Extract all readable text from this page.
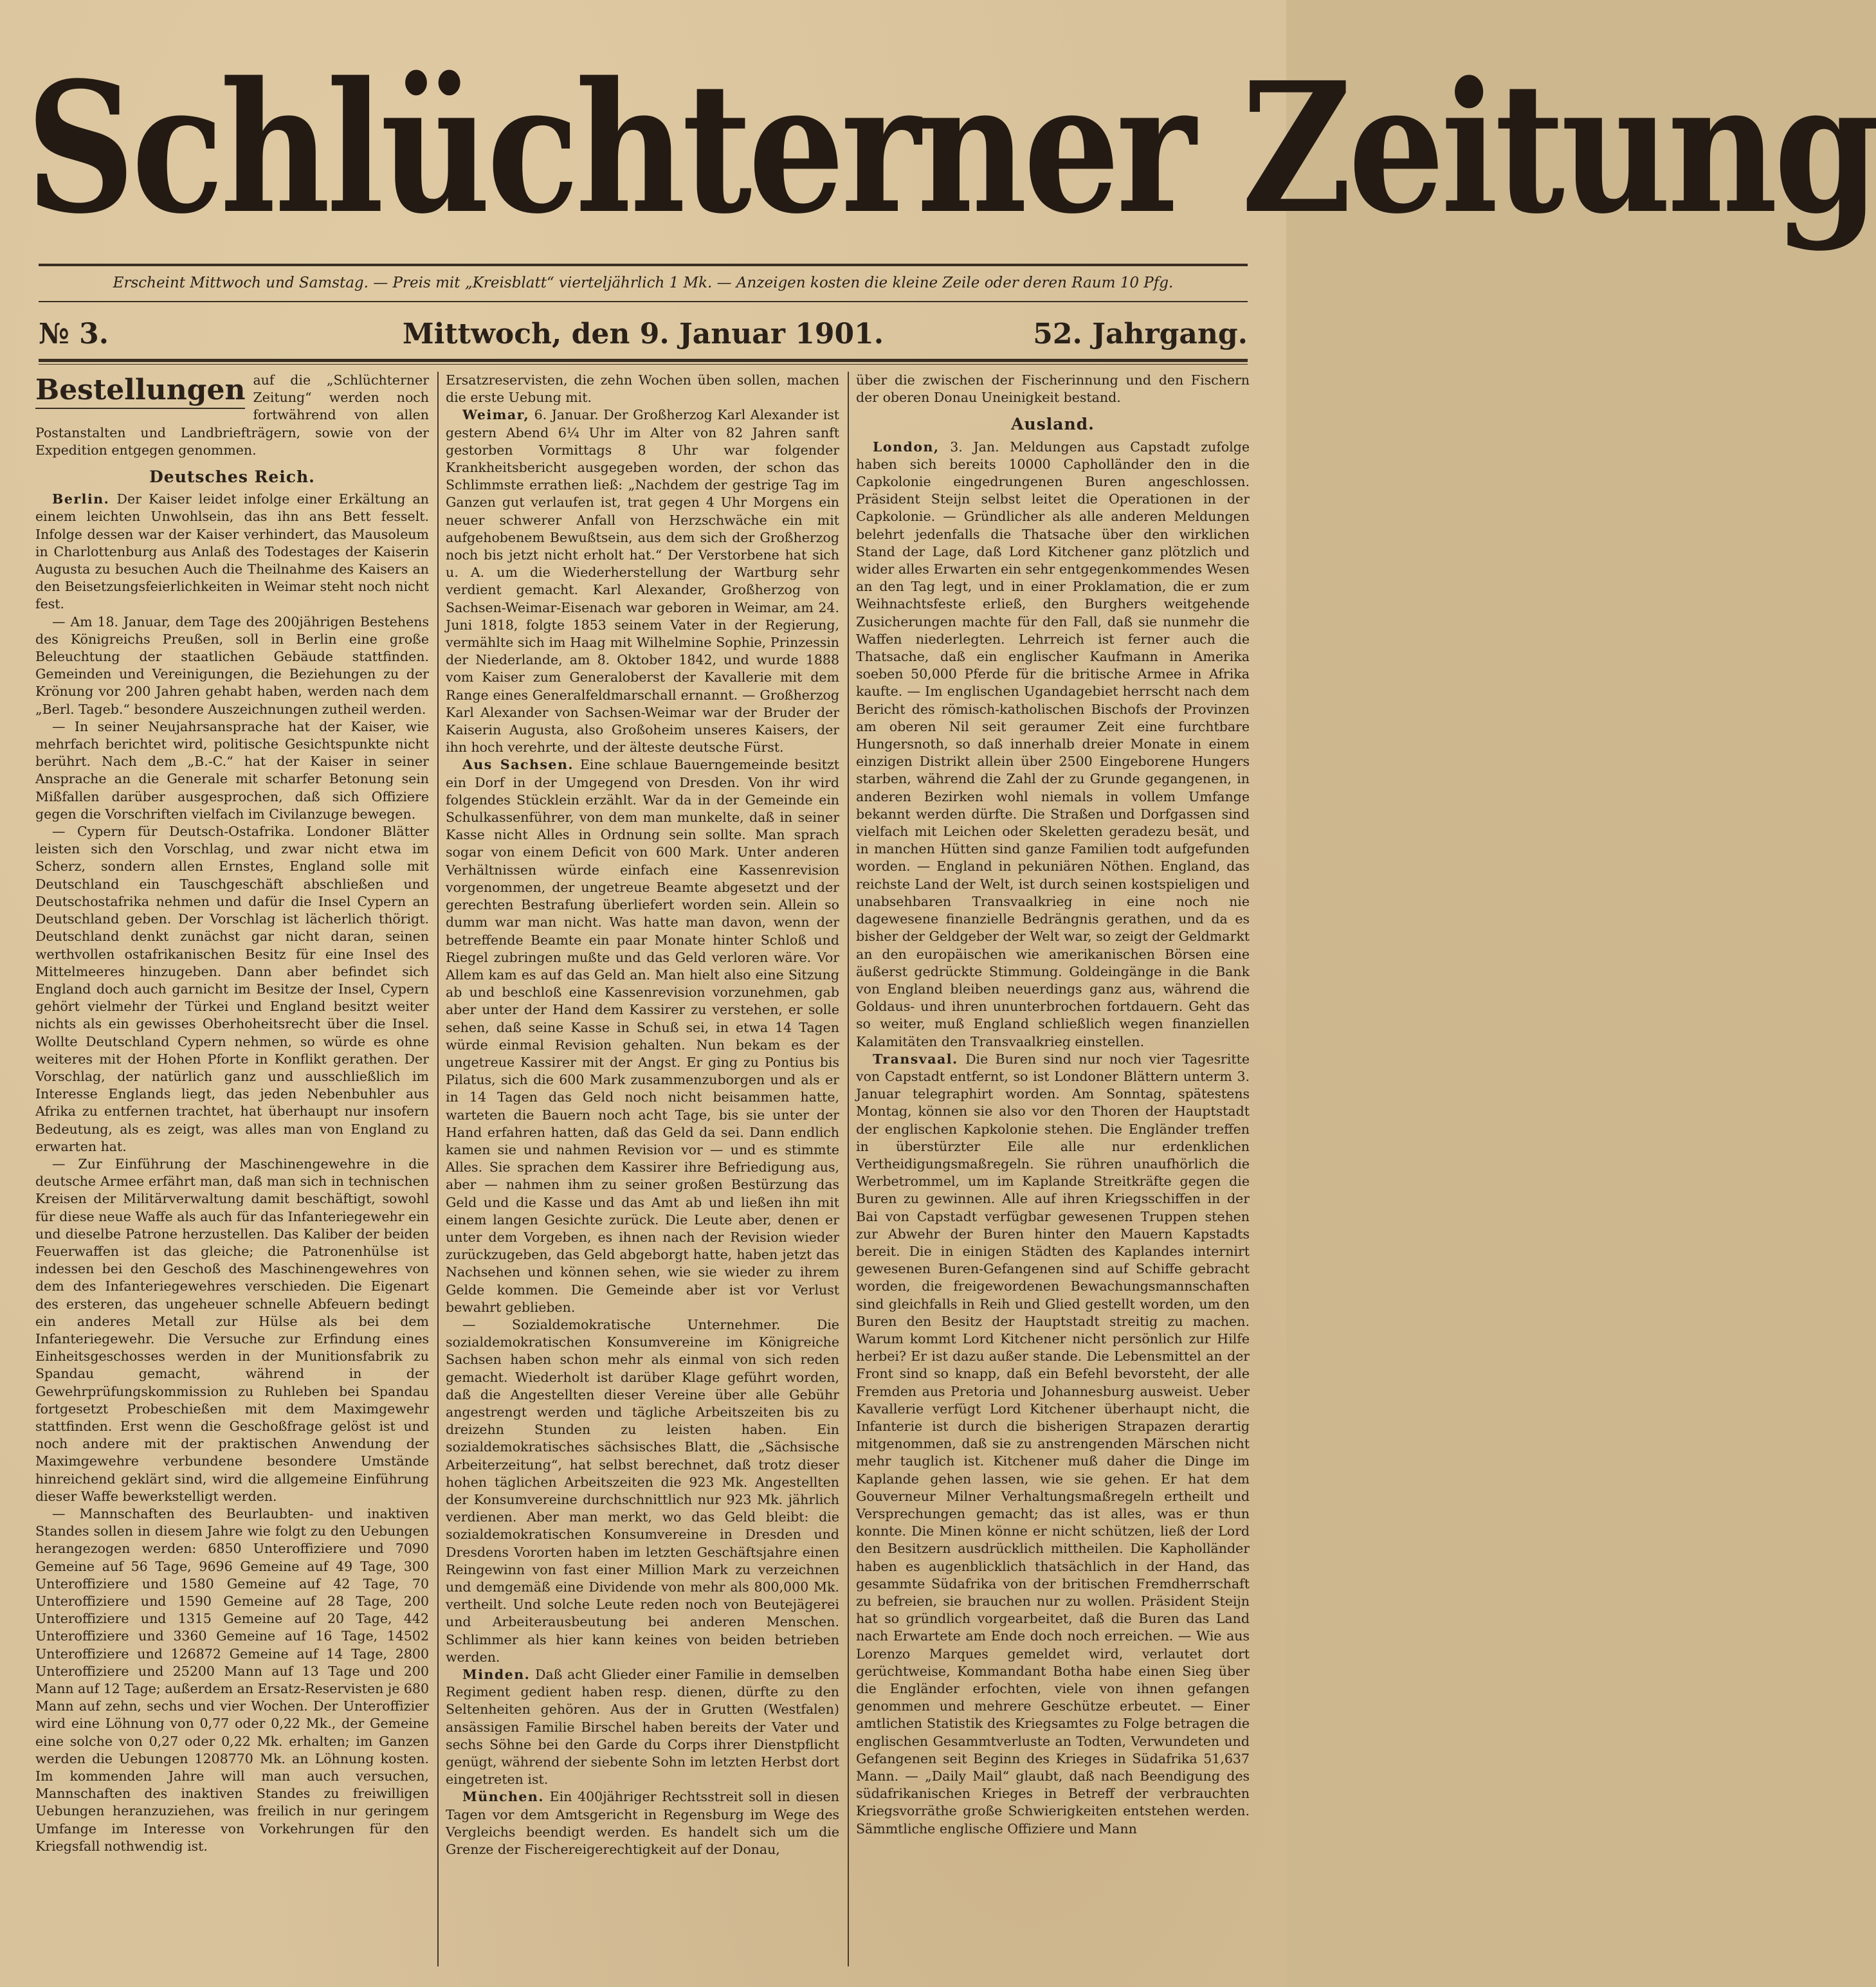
Schlüchterner Zeitung
Erscheint Mittwoch und Samstag. — Preis mit „Kreisblatt“ vierteljährlich 1 Mk. — Anzeigen kosten die kleine Zeile oder deren Raum 10 Pfg.
№ 3.	Mittwoch, den 9. Januar 1901.	52. Jahrgang.

Bestellungen auf die „Schlüchterner Zeitung“ werden noch fortwährend von allen Postanstalten und Landbriefträgern, sowie von der Expedition entgegen genommen.

Deutsches Reich.

Berlin. Der Kaiser leidet infolge einer Erkältung an einem leichten Unwohlsein, das ihn ans Bett fesselt. Infolge dessen war der Kaiser verhindert, das Mausoleum in Charlottenburg aus Anlaß des Todestages der Kaiserin Augusta zu besuchen Auch die Theilnahme des Kaisers an den Beisetzungsfeierlichkeiten in Weimar steht noch nicht fest.

— Am 18. Januar, dem Tage des 200jährigen Bestehens des Königreichs Preußen, soll in Berlin eine große Beleuchtung der staatlichen Gebäude stattfinden. Gemeinden und Vereinigungen, die Beziehungen zu der Krönung vor 200 Jahren gehabt haben, werden nach dem „Berl. Tageb.“ besondere Auszeichnungen zutheil werden.

— In seiner Neujahrsansprache hat der Kaiser, wie mehrfach berichtet wird, politische Gesichtspunkte nicht berührt. Nach dem „B.-C.“ hat der Kaiser in seiner Ansprache an die Generale mit scharfer Betonung sein Mißfallen darüber ausgesprochen, daß sich Offiziere gegen die Vorschriften vielfach im Civilanzuge bewegen.

— Cypern für Deutsch-Ostafrika. Londoner Blätter leisten sich den Vorschlag, und zwar nicht etwa im Scherz, sondern allen Ernstes, England solle mit Deutschland ein Tauschgeschäft abschließen und Deutschostafrika nehmen und dafür die Insel Cypern an Deutschland geben. Der Vorschlag ist lächerlich thörigt. Deutschland denkt zunächst gar nicht daran, seinen werthvollen ostafrikanischen Besitz für eine Insel des Mittelmeeres hinzugeben. Dann aber befindet sich England doch auch garnicht im Besitze der Insel, Cypern gehört vielmehr der Türkei und England besitzt weiter nichts als ein gewisses Oberhoheitsrecht über die Insel. Wollte Deutschland Cypern nehmen, so würde es ohne weiteres mit der Hohen Pforte in Konflikt gerathen. Der Vorschlag, der natürlich ganz und ausschließlich im Interesse Englands liegt, das jeden Nebenbuhler aus Afrika zu entfernen trachtet, hat überhaupt nur insofern Bedeutung, als es zeigt, was alles man von England zu erwarten hat.

— Zur Einführung der Maschinengewehre in die deutsche Armee erfährt man, daß man sich in technischen Kreisen der Militärverwaltung damit beschäftigt, sowohl für diese neue Waffe als auch für das Infanteriegewehr ein und dieselbe Patrone herzustellen. Das Kaliber der beiden Feuerwaffen ist das gleiche; die Patronenhülse ist indessen bei den Geschoß des Maschinengewehres von dem des Infanteriegewehres verschieden. Die Eigenart des ersteren, das ungeheuer schnelle Abfeuern bedingt ein anderes Metall zur Hülse als bei dem Infanteriegewehr. Die Versuche zur Erfindung eines Einheitsgeschosses werden in der Munitionsfabrik zu Spandau gemacht, während in der Gewehrprüfungskommission zu Ruhleben bei Spandau fortgesetzt Probeschießen mit dem Maximgewehr stattfinden. Erst wenn die Geschoßfrage gelöst ist und noch andere mit der praktischen Anwendung der Maximgewehre verbundene besondere Umstände hinreichend geklärt sind, wird die allgemeine Einführung dieser Waffe bewerkstelligt werden.

— Mannschaften des Beurlaubten- und inaktiven Standes sollen in diesem Jahre wie folgt zu den Uebungen herangezogen werden: 6850 Unteroffiziere und 7090 Gemeine auf 56 Tage, 9696 Gemeine auf 49 Tage, 300 Unteroffiziere und 1580 Gemeine auf 42 Tage, 70 Unteroffiziere und 1590 Gemeine auf 28 Tage, 200 Unteroffiziere und 1315 Gemeine auf 20 Tage, 442 Unteroffiziere und 3360 Gemeine auf 16 Tage, 14502 Unteroffiziere und 126872 Gemeine auf 14 Tage, 2800 Unteroffiziere und 25200 Mann auf 13 Tage und 200 Mann auf 12 Tage; außerdem an Ersatz-Reservisten je 680 Mann auf zehn, sechs und vier Wochen. Der Unteroffizier wird eine Löhnung von 0,77 oder 0,22 Mk., der Gemeine eine solche von 0,27 oder 0,22 Mk. erhalten; im Ganzen werden die Uebungen 1208770 Mk. an Löhnung kosten. Im kommenden Jahre will man auch versuchen, Mannschaften des inaktiven Standes zu freiwilligen Uebungen heranzuziehen, was freilich in nur geringem Umfange im Interesse von Vorkehrungen für den Kriegsfall nothwendig ist.

Ersatzreservisten, die zehn Wochen üben sollen, machen die erste Uebung mit.

Weimar, 6. Januar. Der Großherzog Karl Alexander ist gestern Abend 6¼ Uhr im Alter von 82 Jahren sanft gestorben Vormittags 8 Uhr war folgender Krankheitsbericht ausgegeben worden, der schon das Schlimmste errathen ließ: „Nachdem der gestrige Tag im Ganzen gut verlaufen ist, trat gegen 4 Uhr Morgens ein neuer schwerer Anfall von Herzschwäche ein mit aufgehobenem Bewußtsein, aus dem sich der Großherzog noch bis jetzt nicht erholt hat.“ Der Verstorbene hat sich u. A. um die Wiederherstellung der Wartburg sehr verdient gemacht. Karl Alexander, Großherzog von Sachsen-Weimar-Eisenach war geboren in Weimar, am 24. Juni 1818, folgte 1853 seinem Vater in der Regierung, vermählte sich im Haag mit Wilhelmine Sophie, Prinzessin der Niederlande, am 8. Oktober 1842, und wurde 1888 vom Kaiser zum Generaloberst der Kavallerie mit dem Range eines Generalfeldmarschall ernannt. — Großherzog Karl Alexander von Sachsen-Weimar war der Bruder der Kaiserin Augusta, also Großoheim unseres Kaisers, der ihn hoch verehrte, und der älteste deutsche Fürst.

Aus Sachsen. Eine schlaue Bauerngemeinde besitzt ein Dorf in der Umgegend von Dresden. Von ihr wird folgendes Stücklein erzählt. War da in der Gemeinde ein Schulkassenführer, von dem man munkelte, daß in seiner Kasse nicht Alles in Ordnung sein sollte. Man sprach sogar von einem Deficit von 600 Mark. Unter anderen Verhältnissen würde einfach eine Kassenrevision vorgenommen, der ungetreue Beamte abgesetzt und der gerechten Bestrafung überliefert worden sein. Allein so dumm war man nicht. Was hatte man davon, wenn der betreffende Beamte ein paar Monate hinter Schloß und Riegel zubringen mußte und das Geld verloren wäre. Vor Allem kam es auf das Geld an. Man hielt also eine Sitzung ab und beschloß eine Kassenrevision vorzunehmen, gab aber unter der Hand dem Kassirer zu verstehen, er solle sehen, daß seine Kasse in Schuß sei, in etwa 14 Tagen würde einmal Revision gehalten. Nun bekam es der ungetreue Kassirer mit der Angst. Er ging zu Pontius bis Pilatus, sich die 600 Mark zusammenzuborgen und als er in 14 Tagen das Geld noch nicht beisammen hatte, warteten die Bauern noch acht Tage, bis sie unter der Hand erfahren hatten, daß das Geld da sei. Dann endlich kamen sie und nahmen Revision vor — und es stimmte Alles. Sie sprachen dem Kassirer ihre Befriedigung aus, aber — nahmen ihm zu seiner großen Bestürzung das Geld und die Kasse und das Amt ab und ließen ihn mit einem langen Gesichte zurück. Die Leute aber, denen er unter dem Vorgeben, es ihnen nach der Revision wieder zurückzugeben, das Geld abgeborgt hatte, haben jetzt das Nachsehen und können sehen, wie sie wieder zu ihrem Gelde kommen. Die Gemeinde aber ist vor Verlust bewahrt geblieben.

— Sozialdemokratische Unternehmer. Die sozialdemokratischen Konsumvereine im Königreiche Sachsen haben schon mehr als einmal von sich reden gemacht. Wiederholt ist darüber Klage geführt worden, daß die Angestellten dieser Vereine über alle Gebühr angestrengt werden und tägliche Arbeitszeiten bis zu dreizehn Stunden zu leisten haben. Ein sozialdemokratisches sächsisches Blatt, die „Sächsische Arbeiterzeitung“, hat selbst berechnet, daß trotz dieser hohen täglichen Arbeitszeiten die 923 Mk. Angestellten der Konsumvereine durchschnittlich nur 923 Mk. jährlich verdienen. Aber man merkt, wo das Geld bleibt: die sozialdemokratischen Konsumvereine in Dresden und Dresdens Vororten haben im letzten Geschäftsjahre einen Reingewinn von fast einer Million Mark zu verzeichnen und demgemäß eine Dividende von mehr als 800,000 Mk. vertheilt. Und solche Leute reden noch von Beutejägerei und Arbeiterausbeutung bei anderen Menschen. Schlimmer als hier kann keines von beiden betrieben werden.

Minden. Daß acht Glieder einer Familie in demselben Regiment gedient haben resp. dienen, dürfte zu den Seltenheiten gehören. Aus der in Grutten (Westfalen) ansässigen Familie Birschel haben bereits der Vater und sechs Söhne bei den Garde du Corps ihrer Dienstpflicht genügt, während der siebente Sohn im letzten Herbst dort eingetreten ist.

München. Ein 400jähriger Rechtsstreit soll in diesen Tagen vor dem Amtsgericht in Regensburg im Wege des Vergleichs beendigt werden. Es handelt sich um die Grenze der Fischereigerechtigkeit auf der Donau,

über die zwischen der Fischerinnung und den Fischern der oberen Donau Uneinigkeit bestand.

Ausland.

London, 3. Jan. Meldungen aus Capstadt zufolge haben sich bereits 10000 Capholländer den in die Capkolonie eingedrungenen Buren angeschlossen. Präsident Steijn selbst leitet die Operationen in der Capkolonie. — Gründlicher als alle anderen Meldungen belehrt jedenfalls die Thatsache über den wirklichen Stand der Lage, daß Lord Kitchener ganz plötzlich und wider alles Erwarten ein sehr entgegenkommendes Wesen an den Tag legt, und in einer Proklamation, die er zum Weihnachtsfeste erließ, den Burghers weitgehende Zusicherungen machte für den Fall, daß sie nunmehr die Waffen niederlegten. Lehrreich ist ferner auch die Thatsache, daß ein englischer Kaufmann in Amerika soeben 50,000 Pferde für die britische Armee in Afrika kaufte. — Im englischen Ugandagebiet herrscht nach dem Bericht des römisch-katholischen Bischofs der Provinzen am oberen Nil seit geraumer Zeit eine furchtbare Hungersnoth, so daß innerhalb dreier Monate in einem einzigen Distrikt allein über 2500 Eingeborene Hungers starben, während die Zahl der zu Grunde gegangenen, in anderen Bezirken wohl niemals in vollem Umfange bekannt werden dürfte. Die Straßen und Dorfgassen sind vielfach mit Leichen oder Skeletten geradezu besät, und in manchen Hütten sind ganze Familien todt aufgefunden worden. — England in pekuniären Nöthen. England, das reichste Land der Welt, ist durch seinen kostspieligen und unabsehbaren Transvaalkrieg in eine noch nie dagewesene finanzielle Bedrängnis gerathen, und da es bisher der Geldgeber der Welt war, so zeigt der Geldmarkt an den europäischen wie amerikanischen Börsen eine äußerst gedrückte Stimmung. Goldeingänge in die Bank von England bleiben neuerdings ganz aus, während die Goldaus- und ihren ununterbrochen fortdauern. Geht das so weiter, muß England schließlich wegen finanziellen Kalamitäten den Transvaalkrieg einstellen.

Transvaal. Die Buren sind nur noch vier Tagesritte von Capstadt entfernt, so ist Londoner Blättern unterm 3. Januar telegraphirt worden. Am Sonntag, spätestens Montag, können sie also vor den Thoren der Hauptstadt der englischen Kapkolonie stehen. Die Engländer treffen in überstürzter Eile alle nur erdenklichen Vertheidigungsmaßregeln. Sie rühren unaufhörlich die Werbetrommel, um im Kaplande Streitkräfte gegen die Buren zu gewinnen. Alle auf ihren Kriegsschiffen in der Bai von Capstadt verfügbar gewesenen Truppen stehen zur Abwehr der Buren hinter den Mauern Kapstadts bereit. Die in einigen Städten des Kaplandes internirt gewesenen Buren-Gefangenen sind auf Schiffe gebracht worden, die freigewordenen Bewachungsmannschaften sind gleichfalls in Reih und Glied gestellt worden, um den Buren den Besitz der Hauptstadt streitig zu machen. Warum kommt Lord Kitchener nicht persönlich zur Hilfe herbei? Er ist dazu außer stande. Die Lebensmittel an der Front sind so knapp, daß ein Befehl bevorsteht, der alle Fremden aus Pretoria und Johannesburg ausweist. Ueber Kavallerie verfügt Lord Kitchener überhaupt nicht, die Infanterie ist durch die bisherigen Strapazen derartig mitgenommen, daß sie zu anstrengenden Märschen nicht mehr tauglich ist. Kitchener muß daher die Dinge im Kaplande gehen lassen, wie sie gehen. Er hat dem Gouverneur Milner Verhaltungsmaßregeln ertheilt und Versprechungen gemacht; das ist alles, was er thun konnte. Die Minen könne er nicht schützen, ließ der Lord den Besitzern ausdrücklich mittheilen. Die Kapholländer haben es augenblicklich thatsächlich in der Hand, das gesammte Südafrika von der britischen Fremdherrschaft zu befreien, sie brauchen nur zu wollen. Präsident Steijn hat so gründlich vorgearbeitet, daß die Buren das Land nach Erwartete am Ende doch noch erreichen. — Wie aus Lorenzo Marques gemeldet wird, verlautet dort gerüchtweise, Kommandant Botha habe einen Sieg über die Engländer erfochten, viele von ihnen gefangen genommen und mehrere Geschütze erbeutet. — Einer amtlichen Statistik des Kriegsamtes zu Folge betragen die englischen Gesammtverluste an Todten, Verwundeten und Gefangenen seit Beginn des Krieges in Südafrika 51,637 Mann. — „Daily Mail“ glaubt, daß nach Beendigung des südafrikanischen Krieges in Betreff der verbrauchten Kriegsvorräthe große Schwierigkeiten entstehen werden. Sämmtliche englische Offiziere und Mann
